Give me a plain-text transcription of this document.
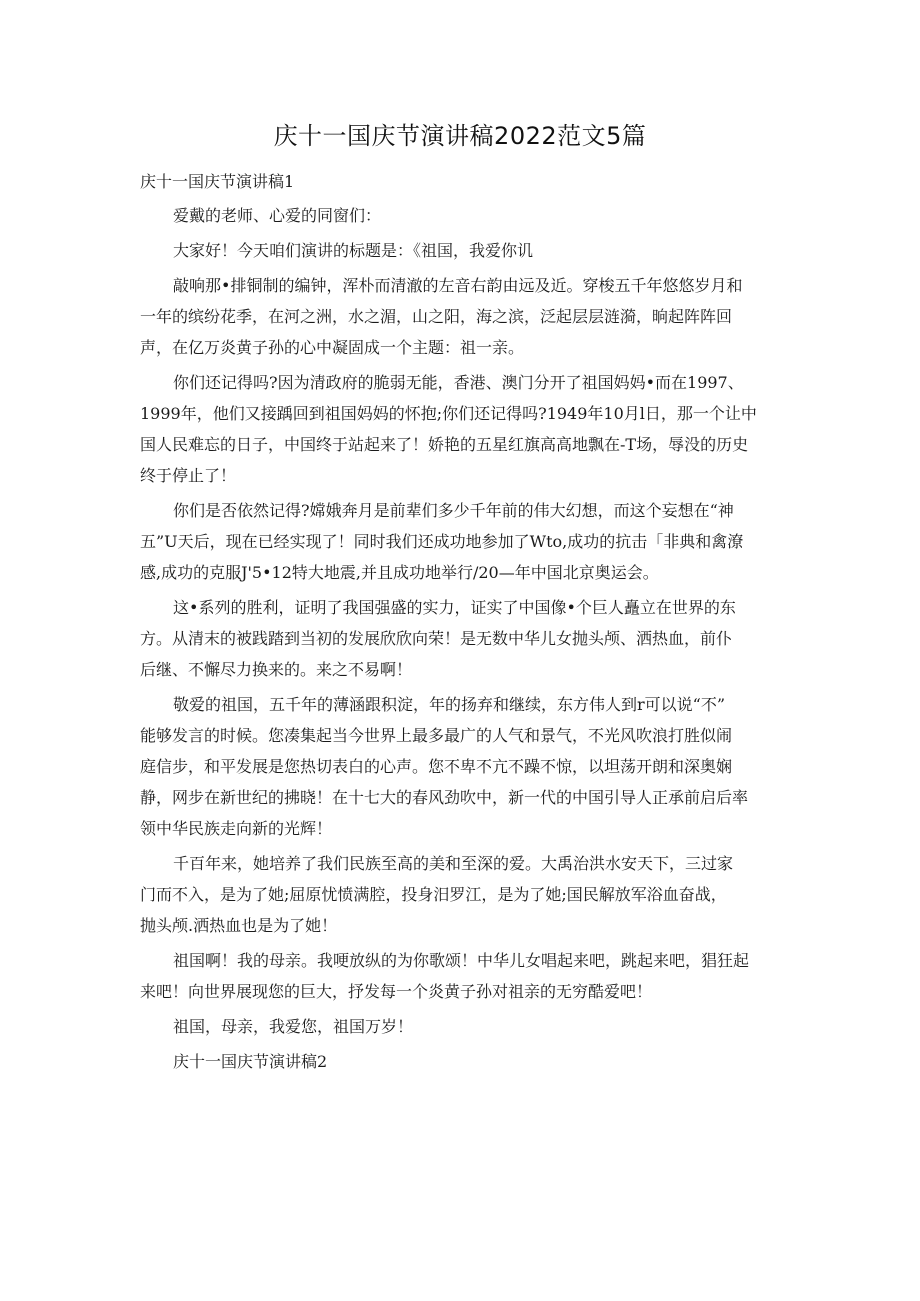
庆十一国庆节演讲稿2022范文5篇
庆十一国庆节演讲稿1
爱戴的老师、心爱的同窗们：
大家好！今天咱们演讲的标题是：《祖国，我爱你讥
敲响那•排铜制的编钟，浑朴而清澈的左音右韵由远及近。穿梭五千年悠悠岁月和
一年的缤纷花季，在河之洲，水之湄，山之阳，海之滨，泛起层层涟漪，晌起阵阵回
声，在亿万炎黄子孙的心中凝固成一个主题：祖一亲。
你们还记得吗?因为清政府的脆弱无能，香港、澳门分开了祖国妈妈•而在1997、
1999年，他们又接踽回到祖国妈妈的怀抱;你们还记得吗?1949年10月l日，那一个让中
国人民难忘的日子，中国终于站起来了！娇艳的五星红旗高高地飘在-T场，辱没的历史
终于停止了！
你们是否依然记得?嫦娥奔月是前辈们多少千年前的伟大幻想，而这个妄想在“神
五”U天后，现在已经实现了！同时我们还成功地参加了Wto,成功的抗击「非典和禽潦
感,成功的克服J'5•12特大地震,并且成功地举行/20—年中国北京奥运会。
这•系列的胜利，证明了我国强盛的实力，证实了中国像•个巨人矗立在世界的东
方。从清末的被践踏到当初的发展欣欣向荣！是无数中华儿女抛头颅、洒热血，前仆
后继、不懈尽力换来的。来之不易啊！
敬爱的祖国，五千年的薄涵跟积淀，年的扬弃和继续，东方伟人到r可以说“不”
能够发言的时候。您凑集起当今世界上最多最广的人气和景气，不光风吹浪打胜似闹
庭信步，和平发展是您热切表白的心声。您不卑不亢不躁不惊，以坦荡开朗和深奥娴
静，网步在新世纪的拂晓！在十七大的春风劲吹中，新一代的中国引导人正承前启后率
领中华民族走向新的光辉！
千百年来，她培养了我们民族至高的美和至深的爱。大禹治洪水安天下，三过家
门而不入，是为了她;屈原忧愤满腔，投身汨罗江，是为了她;国民解放军浴血奋战，
抛头颅.洒热血也是为了她！
祖国啊！我的母亲。我哽放纵的为你歌颂！中华儿女唱起来吧，跳起来吧，猖狂起
来吧！向世界展现您的巨大，抒发每一个炎黄子孙对祖亲的无穷酷爱吧！
祖国，母亲，我爱您，祖国万岁！
庆十一国庆节演讲稿2
